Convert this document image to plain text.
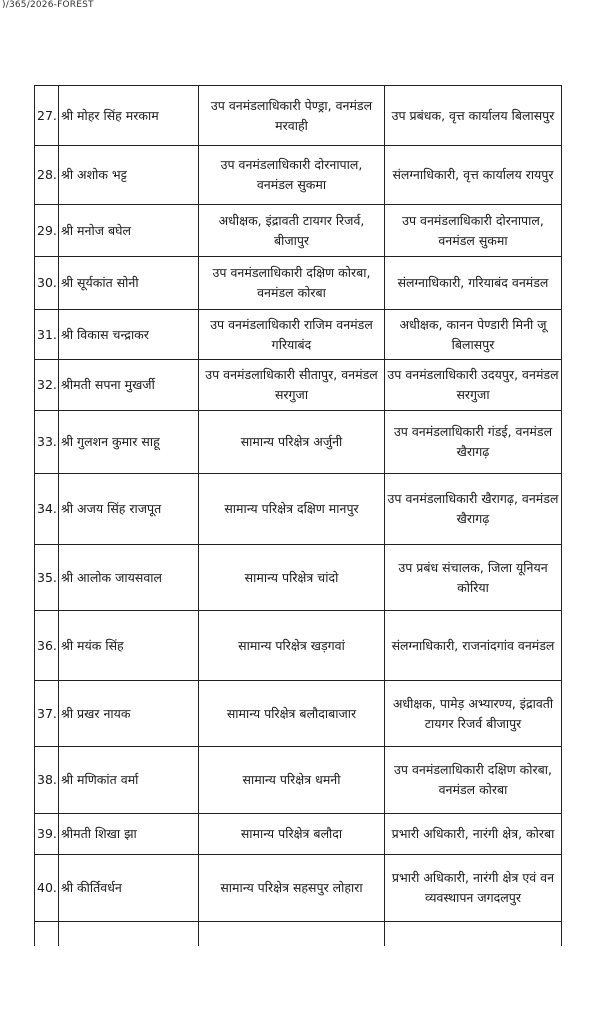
)/365/2026-FOREST
27.	श्री मोहर सिंह मरकाम	उप वनमंडलाधिकारी पेण्ड्रा, वनमंडल मरवाही	उप प्रबंधक, वृत्त कार्यालय बिलासपुर
28.	श्री अशोक भट्ट	उप वनमंडलाधिकारी दोरनापाल, वनमंडल सुकमा	संलग्नाधिकारी, वृत्त कार्यालय रायपुर
29.	श्री मनोज बघेल	अधीक्षक, इंद्रावती टायगर रिजर्व, बीजापुर	उप वनमंडलाधिकारी दोरनापाल, वनमंडल सुकमा
30.	श्री सूर्यकांत सोनी	उप वनमंडलाधिकारी दक्षिण कोरबा, वनमंडल कोरबा	संलग्नाधिकारी, गरियाबंद वनमंडल
31.	श्री विकास चन्द्राकर	उप वनमंडलाधिकारी राजिम वनमंडल गरियाबंद	अधीक्षक, कानन पेण्डारी मिनी जू बिलासपुर
32.	श्रीमती सपना मुखर्जी	उप वनमंडलाधिकारी सीतापुर, वनमंडल सरगुजा	उप वनमंडलाधिकारी उदयपुर, वनमंडल सरगुजा
33.	श्री गुलशन कुमार साहू	सामान्य परिक्षेत्र अर्जुनी	उप वनमंडलाधिकारी गंडई, वनमंडल खैरागढ़
34.	श्री अजय सिंह राजपूत	सामान्य परिक्षेत्र दक्षिण मानपुर	उप वनमंडलाधिकारी खैरागढ़, वनमंडल खैरागढ़
35.	श्री आलोक जायसवाल	सामान्य परिक्षेत्र चांदो	उप प्रबंध संचालक, जिला यूनियन कोरिया
36.	श्री मयंक सिंह	सामान्य परिक्षेत्र खड़गवां	संलग्नाधिकारी, राजनांदगांव वनमंडल
37.	श्री प्रखर नायक	सामान्य परिक्षेत्र बलौदाबाजार	अधीक्षक, पामेड़ अभ्यारण्य, इंद्रावती टायगर रिजर्व बीजापुर
38.	श्री मणिकांत वर्मा	सामान्य परिक्षेत्र धमनी	उप वनमंडलाधिकारी दक्षिण कोरबा, वनमंडल कोरबा
39.	श्रीमती शिखा झा	सामान्य परिक्षेत्र बलौदा	प्रभारी अधिकारी, नारंगी क्षेत्र, कोरबा
40.	श्री कीर्तिवर्धन	सामान्य परिक्षेत्र सहसपुर लोहारा	प्रभारी अधिकारी, नारंगी क्षेत्र एवं वन व्यवस्थापन जगदलपुर
